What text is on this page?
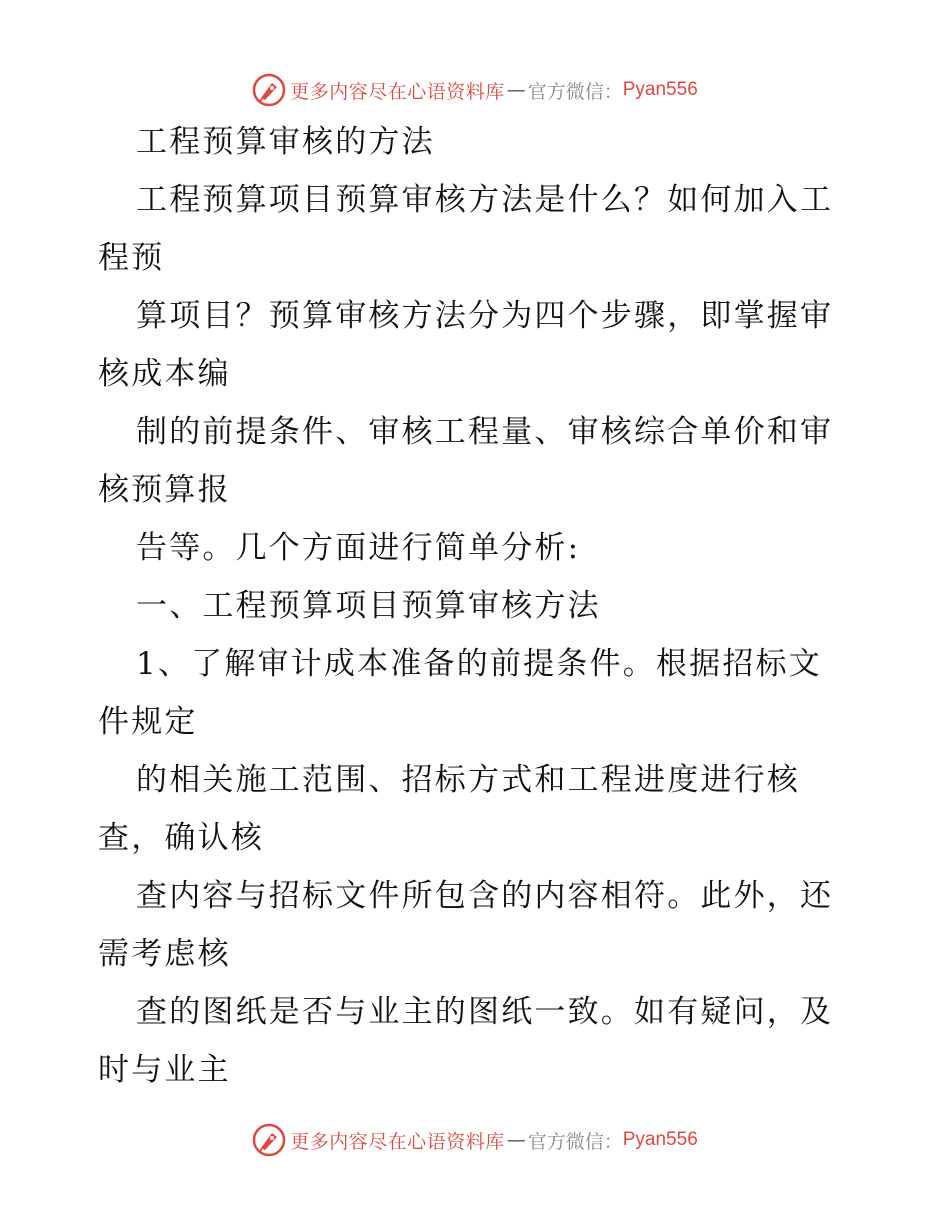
更多内容尽在心语资料库 — 官方微信： Pyan556
工程预算审核的方法
工程预算项目预算审核方法是什么？如何加入工
程预
算项目？预算审核方法分为四个步骤，即掌握审
核成本编
制的前提条件、审核工程量、审核综合单价和审
核预算报
告等。几个方面进行简单分析:
一、工程预算项目预算审核方法
1、了解审计成本准备的前提条件。根据招标文
件规定
的相关施工范围、招标方式和工程进度进行核
查，确认核
查内容与招标文件所包含的内容相符。此外，还
需考虑核
查的图纸是否与业主的图纸一致。如有疑问，及
时与业主
更多内容尽在心语资料库 — 官方微信： Pyan556
